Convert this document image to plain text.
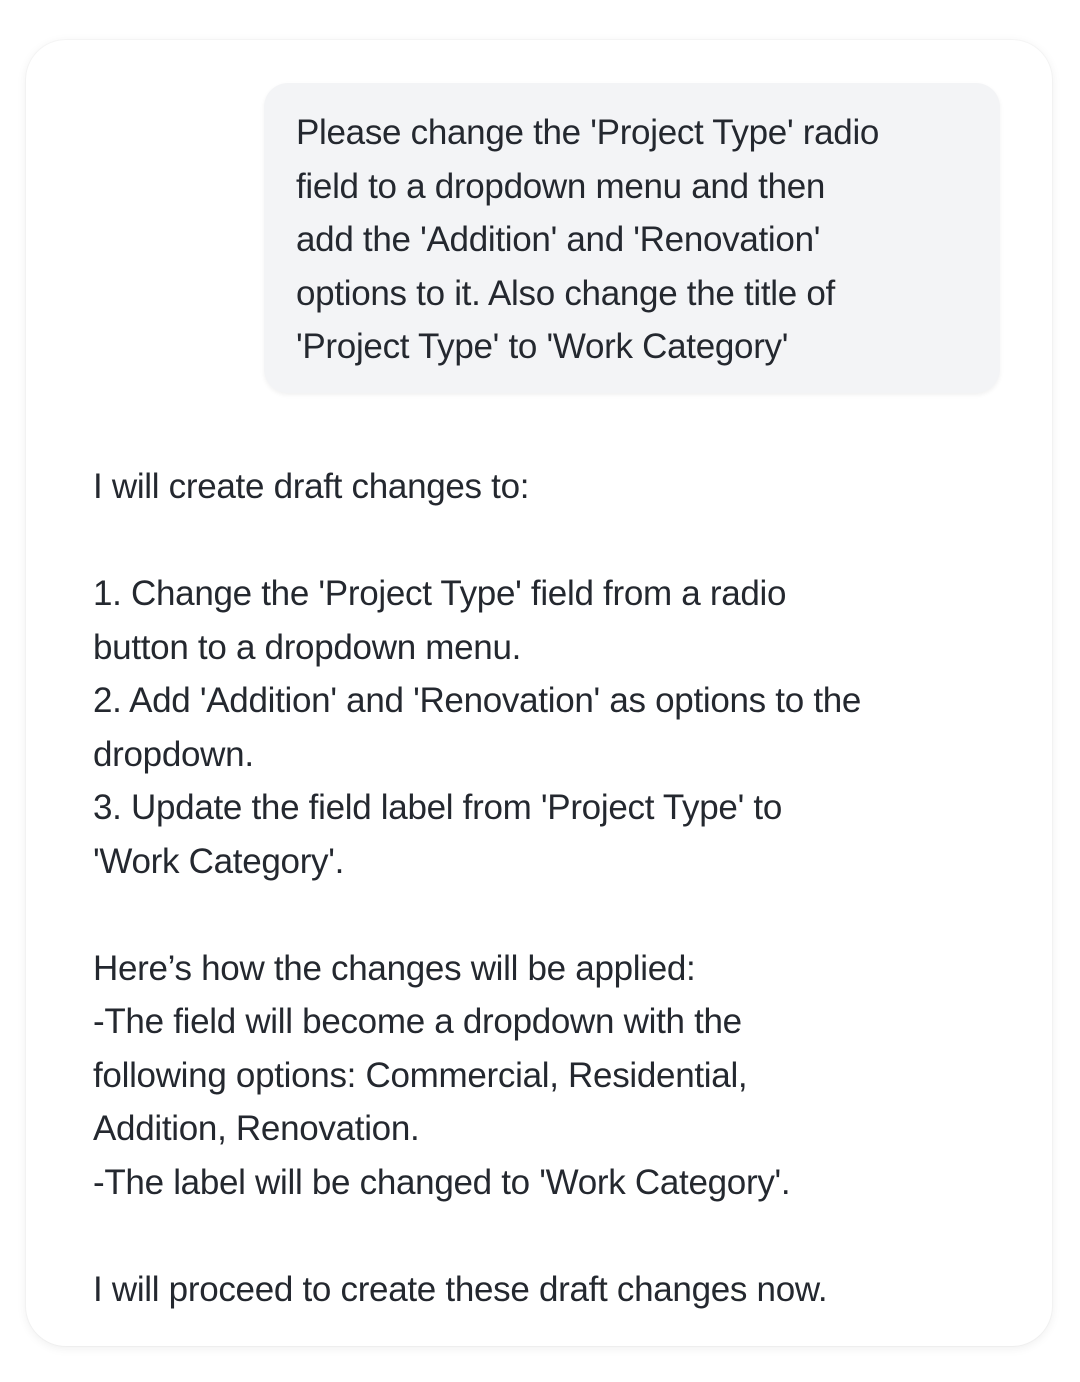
Please change the 'Project Type' radio

field to a dropdown menu and then

add the 'Addition' and 'Renovation'

options to it. Also change the title of

'Project Type' to 'Work Category'

I will create draft changes to:

1. Change the 'Project Type' field from a radio

button to a dropdown menu.

2. Add 'Addition' and 'Renovation' as options to the

dropdown.

3. Update the field label from 'Project Type' to

'Work Category'.

Here’s how the changes will be applied:

-The field will become a dropdown with the

following options: Commercial, Residential,

Addition, Renovation.

-The label will be changed to 'Work Category'.

I will proceed to create these draft changes now.
